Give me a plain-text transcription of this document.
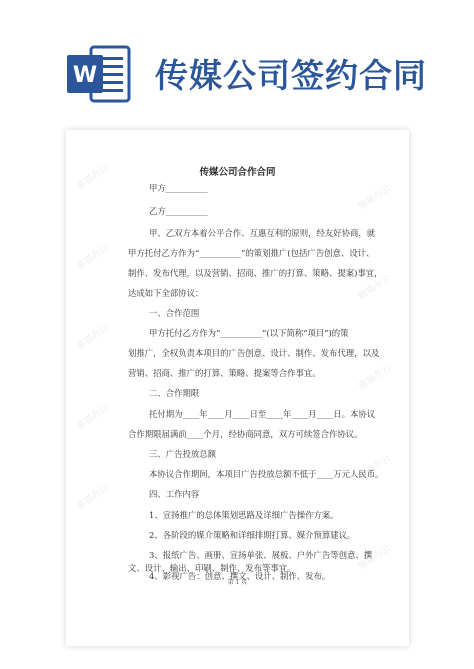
W 传媒公司签约合同
熊猫办公
熊猫办公
熊猫办公
熊猫办公
熊猫办公
熊猫办公
熊猫办公
熊猫办公
熊猫办公
熊猫办公
传媒公司合作合同
甲方__________
乙方__________
甲、乙双方本着公平合作、互惠互利的原则，经友好协商，就
甲方托付乙方作为“__________”的策划推广(包括广告创意、设计、
制作、发布代理，以及营销、招商、推广的打算、策略、提案)事宜，
达成如下全部协议：
一、合作范围
甲方托付乙方作为“__________”(以下简称“项目”)的策
划推广，全权负责本项目的广告创意、设计、制作、发布代理，以及
营销、招商、推广的打算、策略、提案等合作事宜。
二、合作期限
托付期为____年____月____日至____年____月____日。本协议
合作期限届满前____个月，经协商同意，双方可续签合作协议。
三、广告投放总额
本协议合作期间，本项目广告投放总额不低于____万元人民币。
四、工作内容
1、宣扬推广的总体策划思路及详细广告操作方案。
2、各阶段的媒介策略和详细排期打算、媒介预算建议。
3、报纸广告、画册、宣扬单张、展板、户外广告等创意、撰
文、设计、输出、印刷、制作、发布等事宜。
第 1 页
4、影视广告：创意、撰文、设计、制作、发布。
